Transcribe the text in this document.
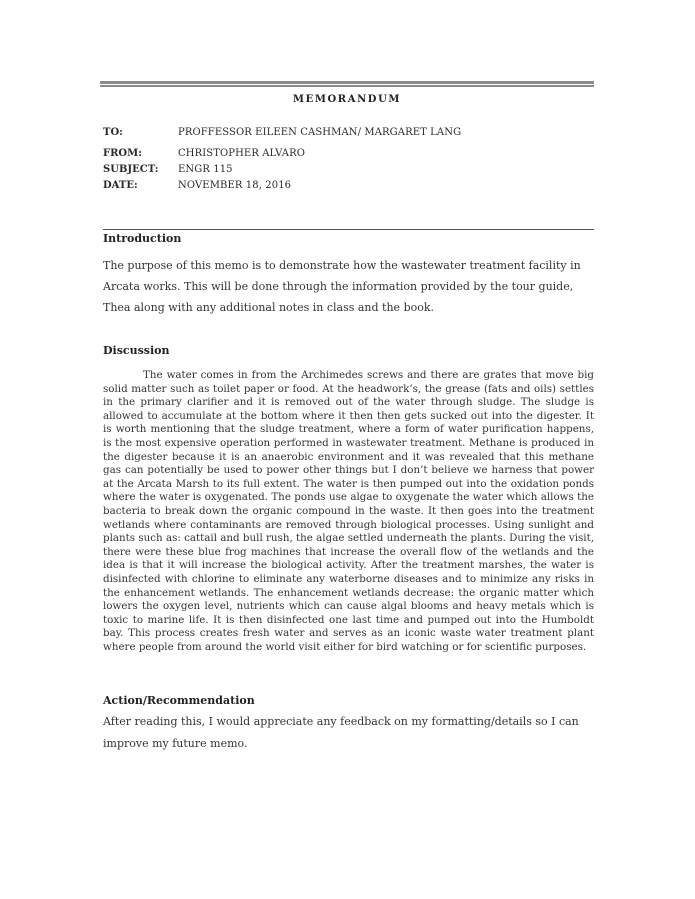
MEMORANDUM
TO:	PROFFESSOR EILEEN CASHMAN/ MARGARET LANG
FROM:	CHRISTOPHER ALVARO
SUBJECT:	ENGR 115
DATE:	NOVEMBER 18, 2016
Introduction
The purpose of this memo is to demonstrate how the wastewater treatment facility in Arcata works. This will be done through the information provided by the tour guide, Thea along with any additional notes in class and the book.
Discussion
The water comes in from the Archimedes screws and there are grates that move big solid matter such as toilet paper or food. At the headwork’s, the grease (fats and oils) settles in the primary clarifier and it is removed out of the water through sludge. The sludge is allowed to accumulate at the bottom where it then then gets sucked out into the digester. It is worth mentioning that the sludge treatment, where a form of water purification happens, is the most expensive operation performed in wastewater treatment. Methane is produced in the digester because it is an anaerobic environment and it was revealed that this methane gas can potentially be used to power other things but I don’t believe we harness that power at the Arcata Marsh to its full extent. The water is then pumped out into the oxidation ponds where the water is oxygenated. The ponds use algae to oxygenate the water which allows the bacteria to break down the organic compound in the waste. It then goes into the treatment wetlands where contaminants are removed through biological processes. Using sunlight and plants such as: cattail and bull rush, the algae settled underneath the plants. During the visit, there were these blue frog machines that increase the overall flow of the wetlands and the idea is that it will increase the biological activity. After the treatment marshes, the water is disinfected with chlorine to eliminate any waterborne diseases and to minimize any risks in the enhancement wetlands. The enhancement wetlands decrease: the organic matter which lowers the oxygen level, nutrients which can cause algal blooms and heavy metals which is toxic to marine life. It is then disinfected one last time and pumped out into the Humboldt bay. This process creates fresh water and serves as an iconic waste water treatment plant where people from around the world visit either for bird watching or for scientific purposes.
Action/Recommendation
After reading this, I would appreciate any feedback on my formatting/details so I can improve my future memo.
